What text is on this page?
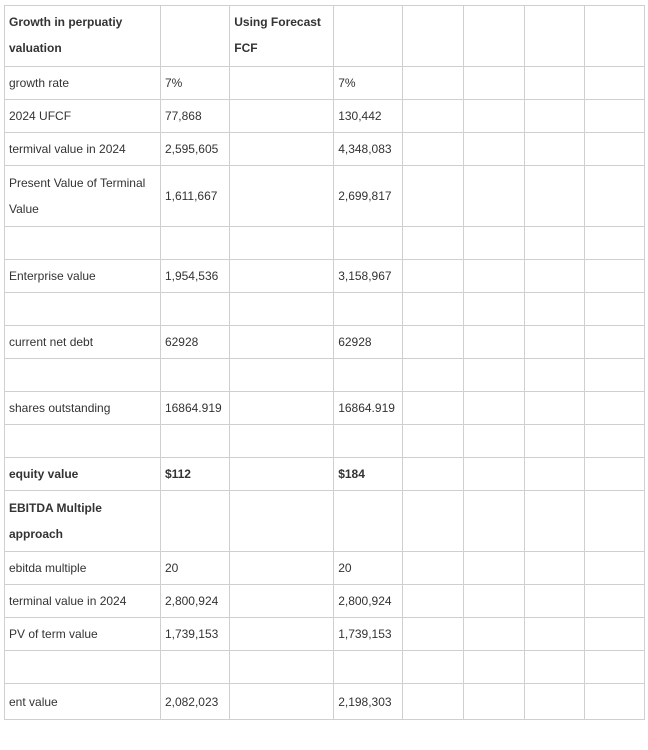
Growth in perpuatiy valuation		Using Forecast FCF					
growth rate	7%		7%				
2024 UFCF	77,868		130,442				
termival value in 2024	2,595,605		4,348,083				
Present Value of Terminal Value	1,611,667		2,699,817				

Enterprise value	1,954,536		3,158,967				

current net debt	62928		62928				

shares outstanding	16864.919		16864.919				

equity value	$112		$184				
EBITDA Multiple approach							
ebitda multiple	20		20				
terminal value in 2024	2,800,924		2,800,924				
PV of term value	1,739,153		1,739,153				

ent value	2,082,023		2,198,303				
